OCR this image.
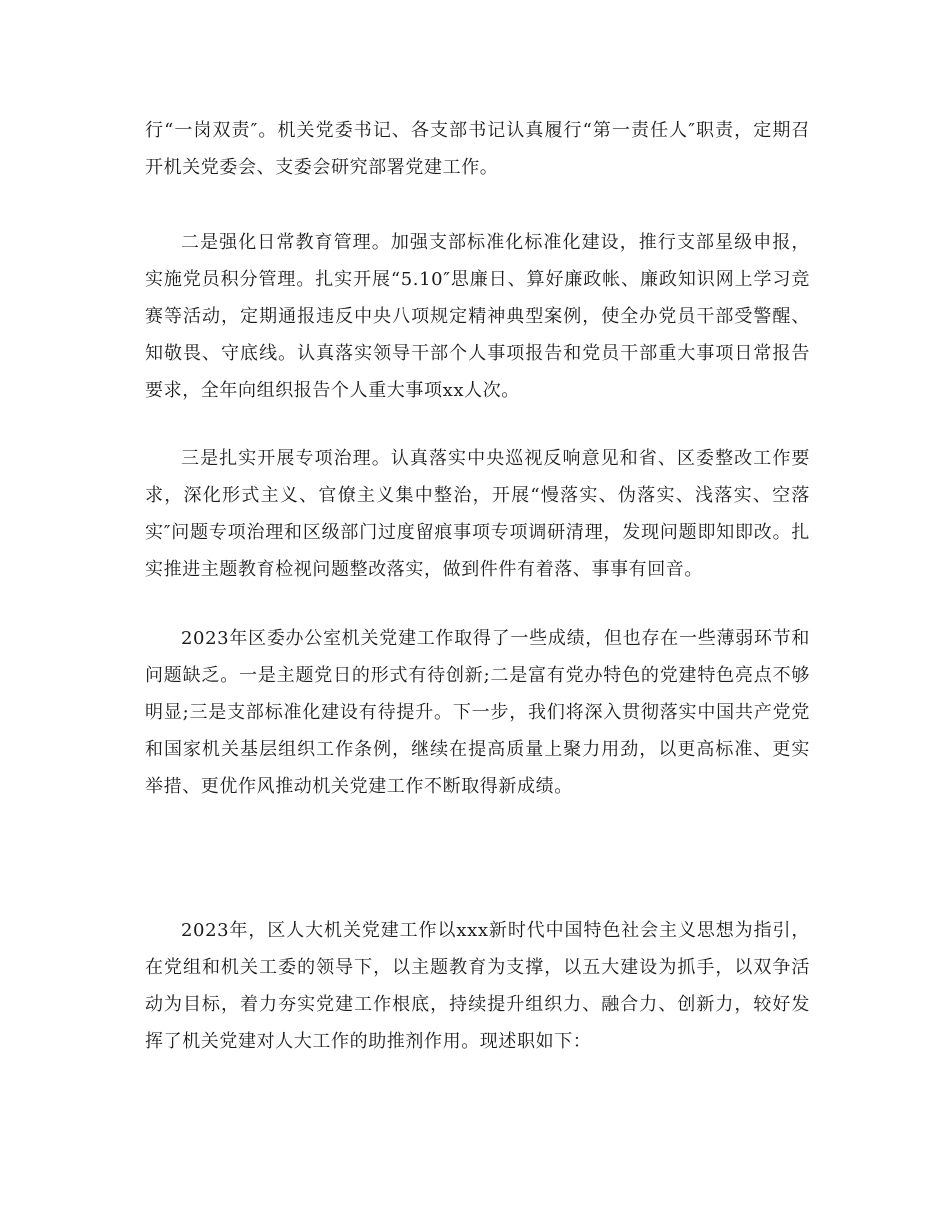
行“一岗双责″。机关党委书记、各支部书记认真履行“第一责任人″职责，定期召开机关党委会、支委会研究部署党建工作。

二是强化日常教育管理。加强支部标准化标准化建设，推行支部星级申报，实施党员积分管理。扎实开展“5.10″思廉日、算好廉政帐、廉政知识网上学习竞赛等活动，定期通报违反中央八项规定精神典型案例，使全办党员干部受警醒、知敬畏、守底线。认真落实领导干部个人事项报告和党员干部重大事项日常报告要求，全年向组织报告个人重大事项xx人次。

三是扎实开展专项治理。认真落实中央巡视反响意见和省、区委整改工作要求，深化形式主义、官僚主义集中整治，开展“慢落实、伪落实、浅落实、空落实″问题专项治理和区级部门过度留痕事项专项调研清理，发现问题即知即改。扎实推进主题教育检视问题整改落实，做到件件有着落、事事有回音。

2023年区委办公室机关党建工作取得了一些成绩，但也存在一些薄弱环节和问题缺乏。一是主题党日的形式有待创新;二是富有党办特色的党建特色亮点不够明显;三是支部标准化建设有待提升。下一步，我们将深入贯彻落实中国共产党党和国家机关基层组织工作条例，继续在提高质量上聚力用劲，以更高标准、更实举措、更优作风推动机关党建工作不断取得新成绩。

2023年，区人大机关党建工作以xxx新时代中国特色社会主义思想为指引，在党组和机关工委的领导下，以主题教育为支撑，以五大建设为抓手，以双争活动为目标，着力夯实党建工作根底，持续提升组织力、融合力、创新力，较好发挥了机关党建对人大工作的助推剂作用。现述职如下：
